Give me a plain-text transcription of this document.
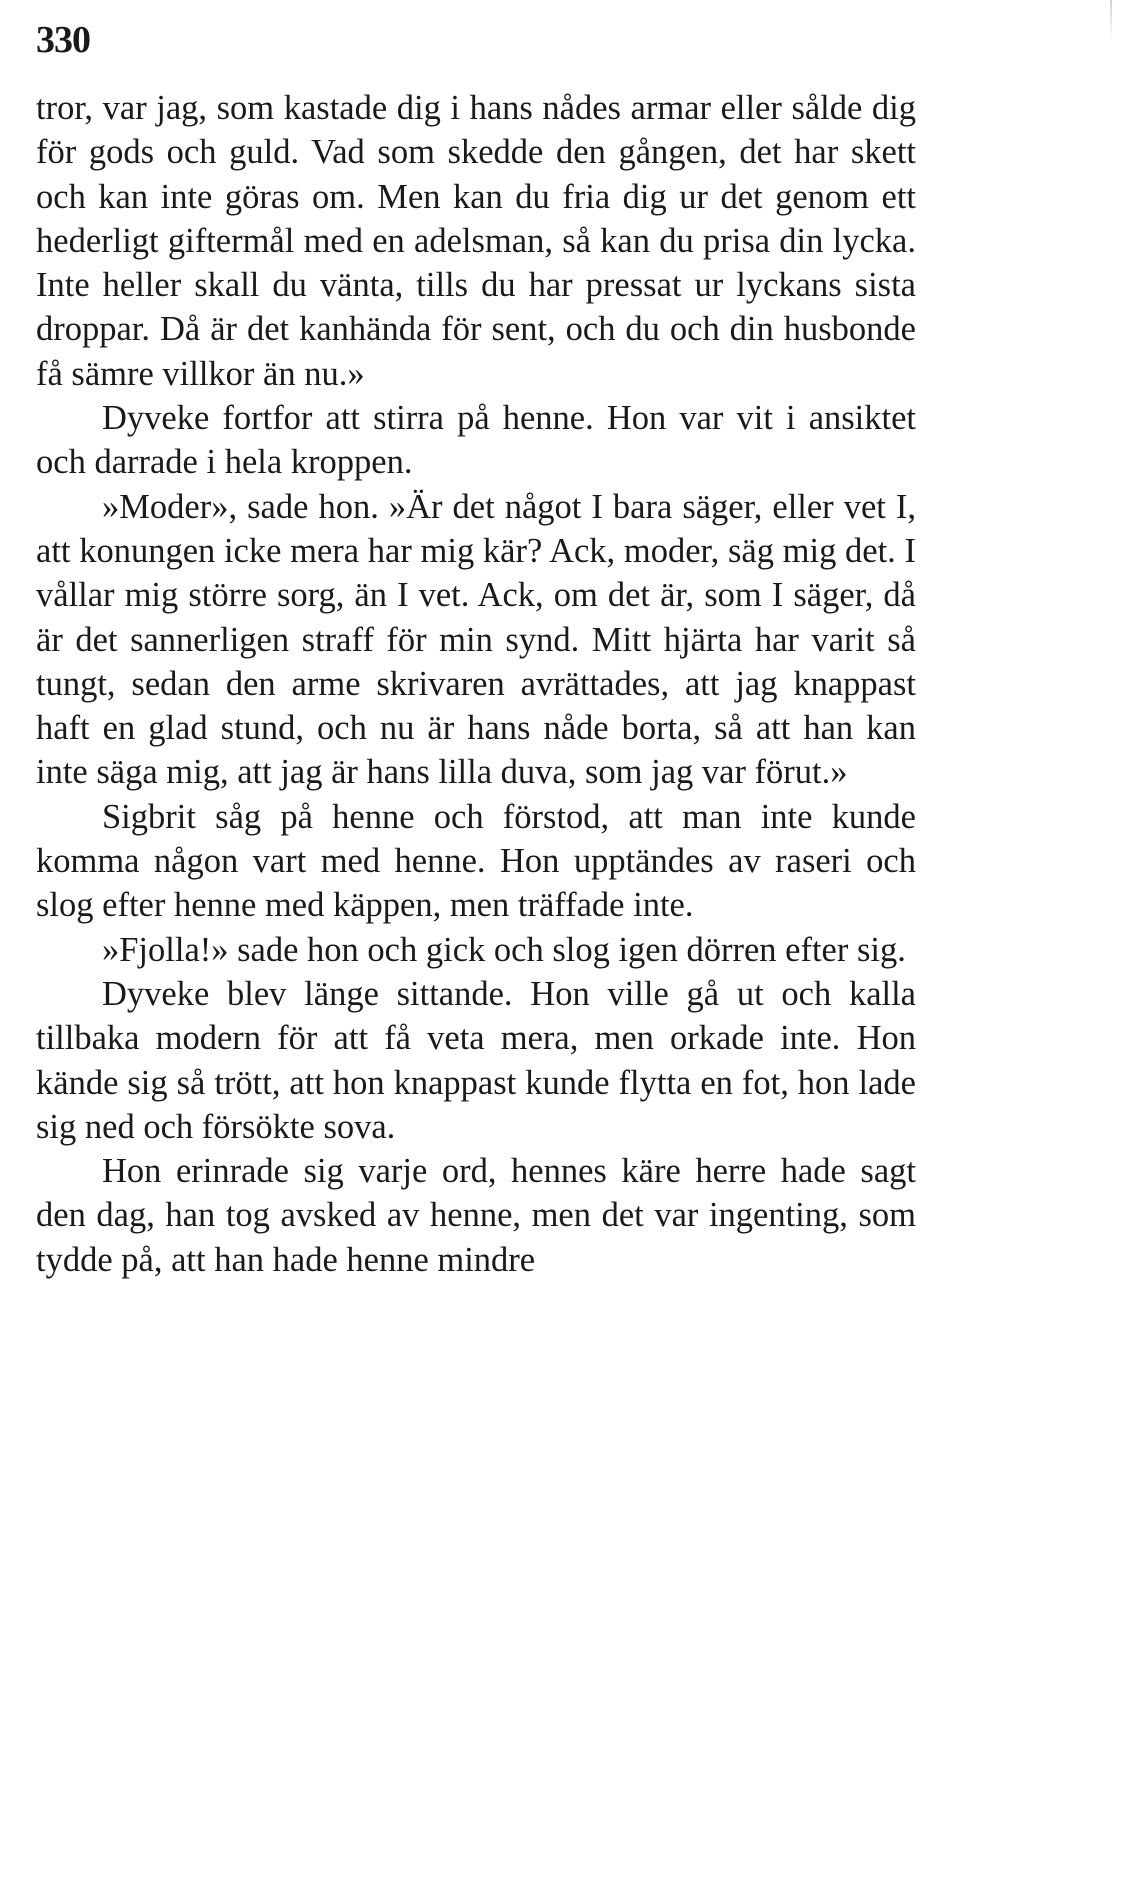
330

tror, var jag, som kastade dig i hans nådes armar eller sålde dig för gods och guld. Vad som skedde den gången, det har skett och kan inte göras om. Men kan du fria dig ur det genom ett hederligt giftermål med en adelsman, så kan du prisa din lycka. Inte heller skall du vänta, tills du har pressat ur lyckans sista droppar. Då är det kanhända för sent, och du och din husbonde få sämre villkor än nu.»

Dyveke fortfor att stirra på henne. Hon var vit i ansiktet och darrade i hela kroppen.

»Moder», sade hon. »Är det något I bara säger, eller vet I, att konungen icke mera har mig kär? Ack, moder, säg mig det. I vållar mig större sorg, än I vet. Ack, om det är, som I säger, då är det sannerligen straff för min synd. Mitt hjärta har varit så tungt, sedan den arme skrivaren avrättades, att jag knappast haft en glad stund, och nu är hans nåde borta, så att han kan inte säga mig, att jag är hans lilla duva, som jag var förut.»

Sigbrit såg på henne och förstod, att man inte kunde komma någon vart med henne. Hon upptändes av raseri och slog efter henne med käppen, men träffade inte.

»Fjolla!» sade hon och gick och slog igen dörren efter sig.

Dyveke blev länge sittande. Hon ville gå ut och kalla tillbaka modern för att få veta mera, men orkade inte. Hon kände sig så trött, att hon knappast kunde flytta en fot, hon lade sig ned och försökte sova.

Hon erinrade sig varje ord, hennes käre herre hade sagt den dag, han tog avsked av henne, men det var ingenting, som tydde på, att han hade henne mindre
